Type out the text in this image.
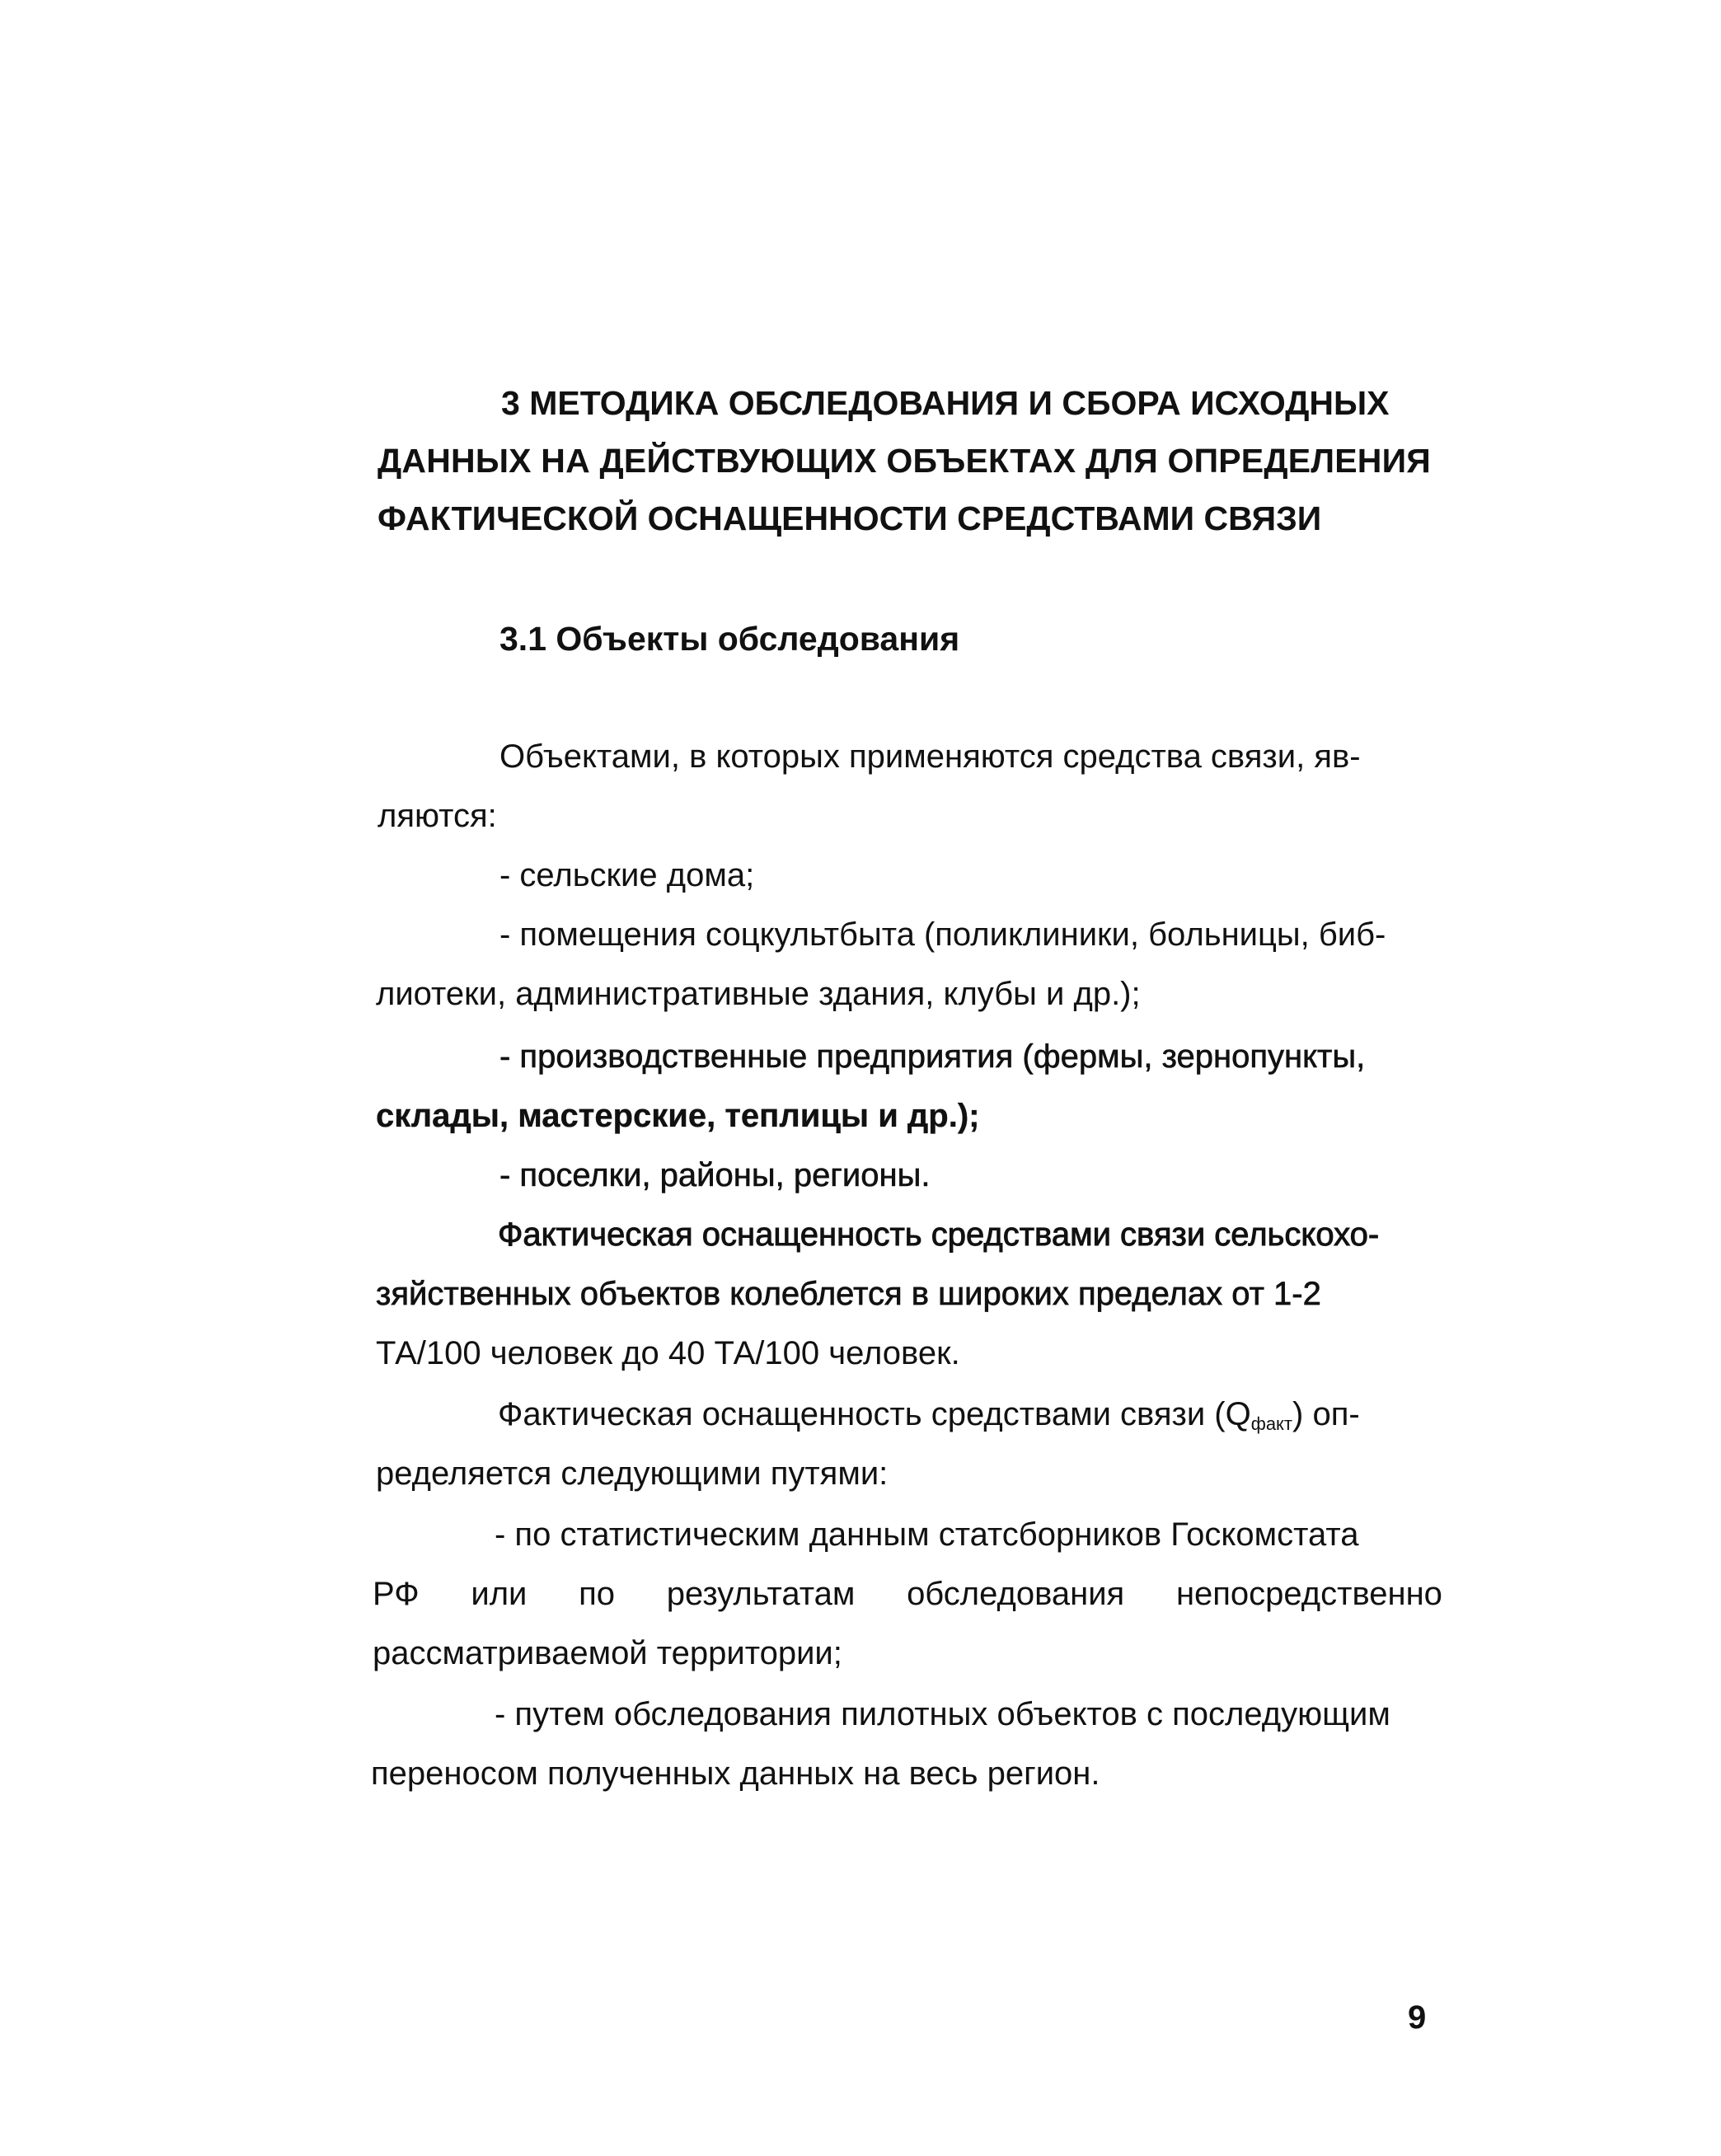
3 МЕТОДИКА ОБСЛЕДОВАНИЯ И СБОРА ИСХОДНЫХ
ДАННЫХ НА ДЕЙСТВУЮЩИХ ОБЪЕКТАХ ДЛЯ ОПРЕДЕЛЕНИЯ
ФАКТИЧЕСКОЙ ОСНАЩЕННОСТИ СРЕДСТВАМИ СВЯЗИ
3.1 Объекты обследования
Объектами, в которых применяются средства связи, яв-
ляются:
- сельские дома;
- помещения соцкультбыта (поликлиники, больницы, биб-
лиотеки, административные здания, клубы и др.);
- производственные предприятия (фермы, зернопункты,
склады, мастерские, теплицы и др.);
- поселки, районы, регионы.
Фактическая оснащенность средствами связи сельскохо-
зяйственных объектов колеблется в широких пределах от 1-2
ТА/100 человек до 40 ТА/100 человек.
Фактическая оснащенность средствами связи $(Q_{факт})$ оп-
ределяется следующими путями:
- по статистическим данным статсборников Госкомстата
РФ или по результатам обследования непосредственно
рассматриваемой территории;
- путем обследования пилотных объектов с последующим
переносом полученных данных на весь регион.
9
